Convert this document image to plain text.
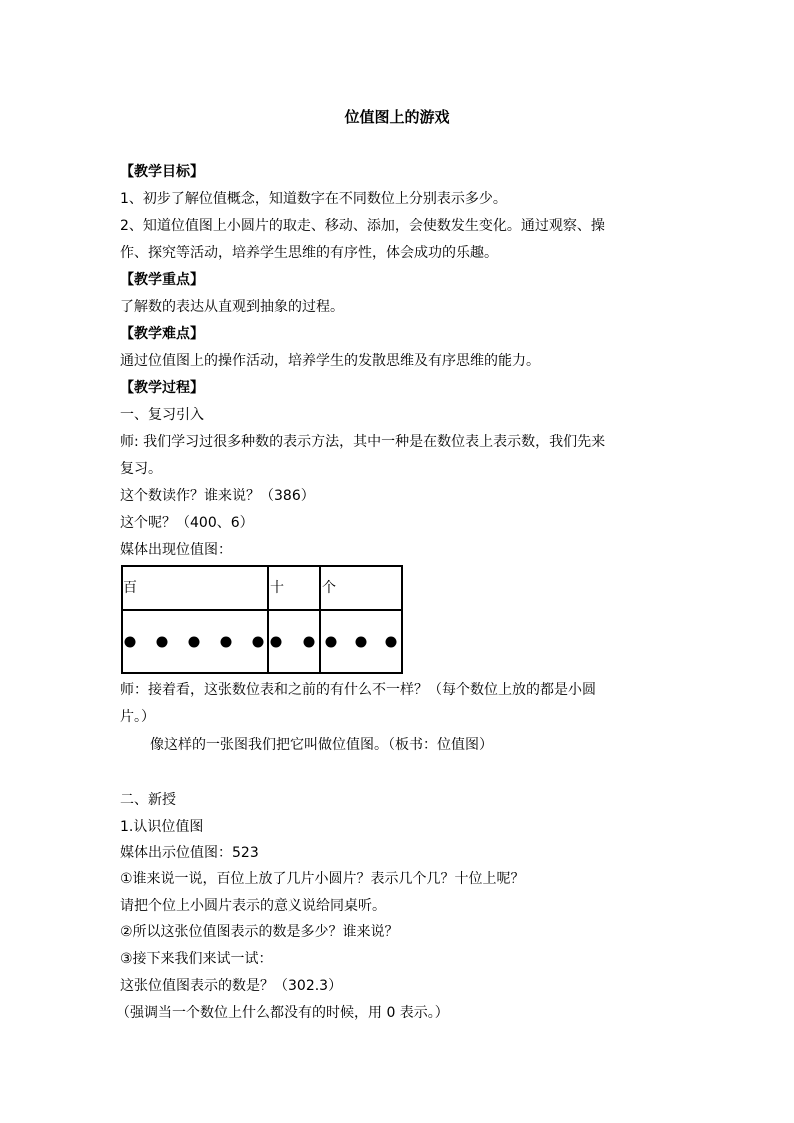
位值图上的游戏
【教学目标】
1、初步了解位值概念，知道数字在不同数位上分别表示多少。
2、知道位值图上小圆片的取走、移动、添加，会使数发生变化。通过观察、操
作、探究等活动，培养学生思维的有序性，体会成功的乐趣。
【教学重点】
了解数的表达从直观到抽象的过程。
【教学难点】
通过位值图上的操作活动，培养学生的发散思维及有序思维的能力。
【教学过程】
一、复习引入
师: 我们学习过很多种数的表示方法，其中一种是在数位表上表示数，我们先来
复习。
这个数读作？谁来说？（386）
这个呢？（400、6）
媒体出现位值图：
百	十	个
师：接着看，这张数位表和之前的有什么不一样？（每个数位上放的都是小圆
片。）
像这样的一张图我们把它叫做位值图。（板书：位值图）
二、新授
1.认识位值图
媒体出示位值图：523
①谁来说一说，百位上放了几片小圆片？表示几个几？十位上呢？
请把个位上小圆片表示的意义说给同桌听。
②所以这张位值图表示的数是多少？谁来说？
③接下来我们来试一试：
这张位值图表示的数是？（302.3）
（强调当一个数位上什么都没有的时候，用 0 表示。）
